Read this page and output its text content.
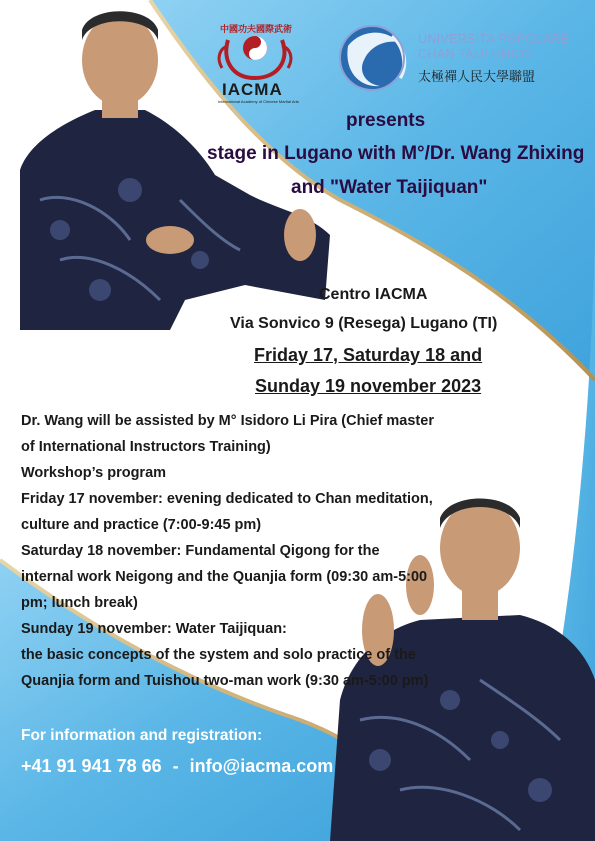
中國功夫國際武術
IACMA
International Academy of Chinese Martial Arts
UNIVERSITA POPOLARE
CHAN TAIJI UNION
太極禪人民大學聯盟
presents
stage in Lugano with M°/Dr. Wang Zhixing
and "Water Taijiquan"
Centro IACMA
Via Sonvico 9 (Resega) Lugano (TI)
Friday 17, Saturday 18 and
Sunday 19 november 2023
Dr. Wang will be assisted by M° Isidoro Li Pira (Chief master
of International Instructors Training)
Workshop’s program
Friday 17 november: evening dedicated to Chan meditation,
culture and practice (7:00-9:45 pm)
Saturday 18 november: Fundamental Qigong for the
internal work Neigong and the Quanjia form (09:30 am-5:00
pm; lunch break)
Sunday 19 november: Water Taijiquan:
the basic concepts of the system and solo practice of the
Quanjia form and Tuishou two-man work (9:30 am-5:00 pm)
For information and registration:
+41 91 941 78 66 - info@iacma.com
